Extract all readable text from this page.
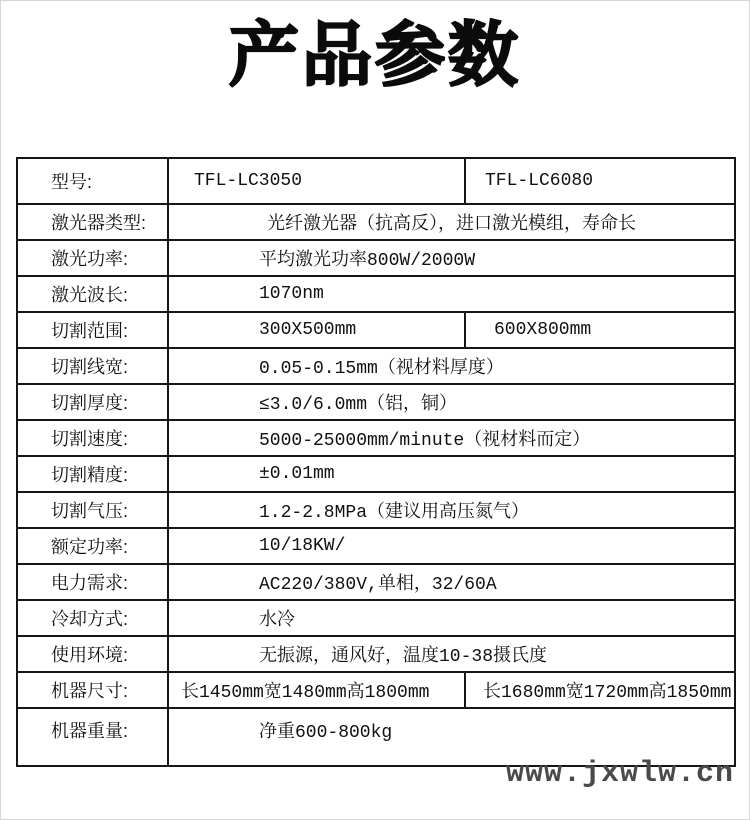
产品参数
型号:	TFL-LC3050	TFL-LC6080
激光器类型:	光纤激光器（抗高反），进口激光模组，寿命长
激光功率:	平均激光功率800W/2000W
激光波长:	1070nm
切割范围:	300X500mm	600X800mm
切割线宽:	0.05-0.15mm（视材料厚度）
切割厚度:	≤3.0/6.0mm（铝，铜）
切割速度:	5000-25000mm/minute（视材料而定）
切割精度:	±0.01mm
切割气压:	1.2-2.8MPa（建议用高压氮气）
额定功率:	10/18KW/
电力需求:	AC220/380V,单相，32/60A
冷却方式:	水冷
使用环境:	无振源，通风好，温度10-38摄氏度
机器尺寸:	长1450mm宽1480mm高1800mm	长1680mm宽1720mm高1850mm
机器重量:	净重600-800kg
www.jxwlw.cn
